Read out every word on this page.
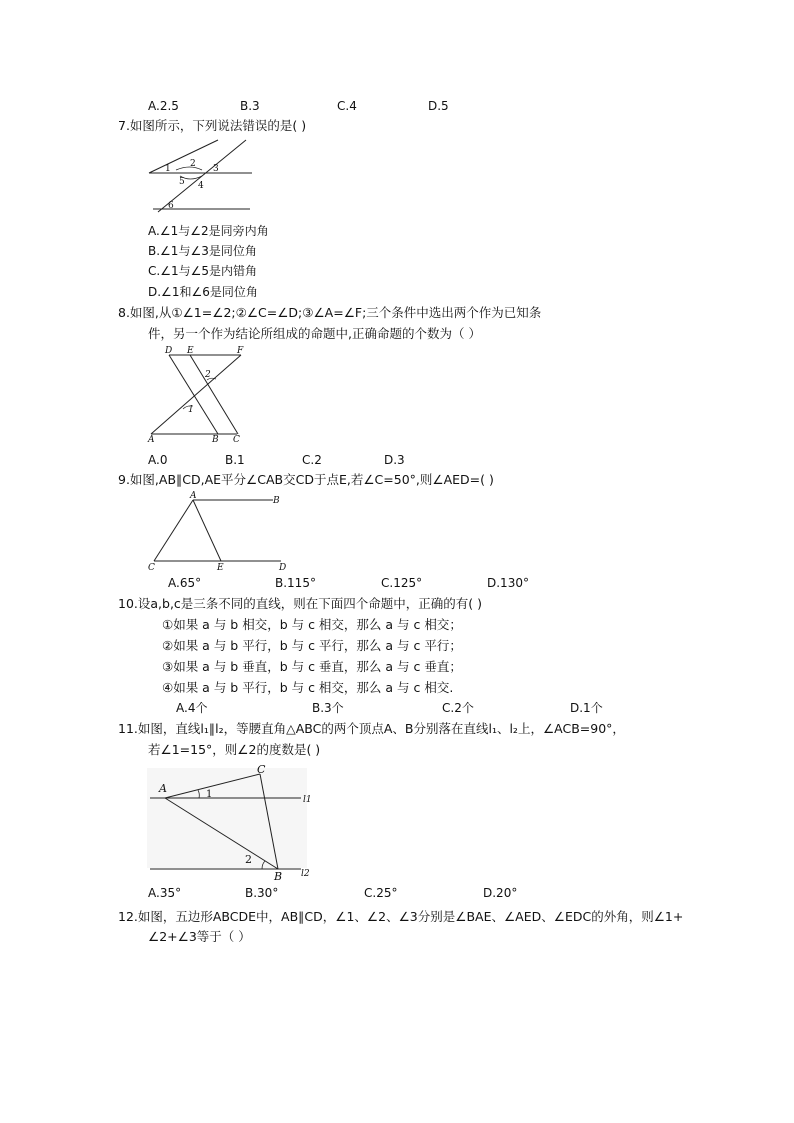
A.2.5	B.3	C.4	D.5
7.如图所示，下列说法错误的是( )
1 2 3
4
5
6
A.∠1与∠2是同旁内角
B.∠1与∠3是同位角
C.∠1与∠5是内错角
D.∠1和∠6是同位角
8.如图,从①∠1=∠2;②∠C=∠D;③∠A=∠F;三个条件中选出两个作为已知条
件，另一个作为结论所组成的命题中,正确命题的个数为（ ）
D E	F
2
1
A	B C
A.0	B.1	C.2	D.3
9.如图,AB∥CD,AE平分∠CAB交CD于点E,若∠C=50°,则∠AED=( )
A	B
C	E	D
A.65°	B.115°	C.125°	D.130°
10.设a,b,c是三条不同的直线，则在下面四个命题中，正确的有( )
①如果 a 与 b 相交，b 与 c 相交，那么 a 与 c 相交；
②如果 a 与 b 平行，b 与 c 平行，那么 a 与 c 平行；
③如果 a 与 b 垂直，b 与 c 垂直，那么 a 与 c 垂直；
④如果 a 与 b 平行，b 与 c 相交，那么 a 与 c 相交.
A.4个	B.3个	C.2个	D.1个
11.如图，直线l₁∥l₂，等腰直角△ABC的两个顶点A、B分别落在直线l₁、l₂上，∠ACB=90°，
若∠1=15°，则∠2的度数是( )
C
A	1	l1
2
B l2
A.35°	B.30°	C.25°	D.20°
12.如图，五边形ABCDE中，AB∥CD，∠1、∠2、∠3分别是∠BAE、∠AED、∠EDC的外角，则∠1+
∠2+∠3等于（ ）
